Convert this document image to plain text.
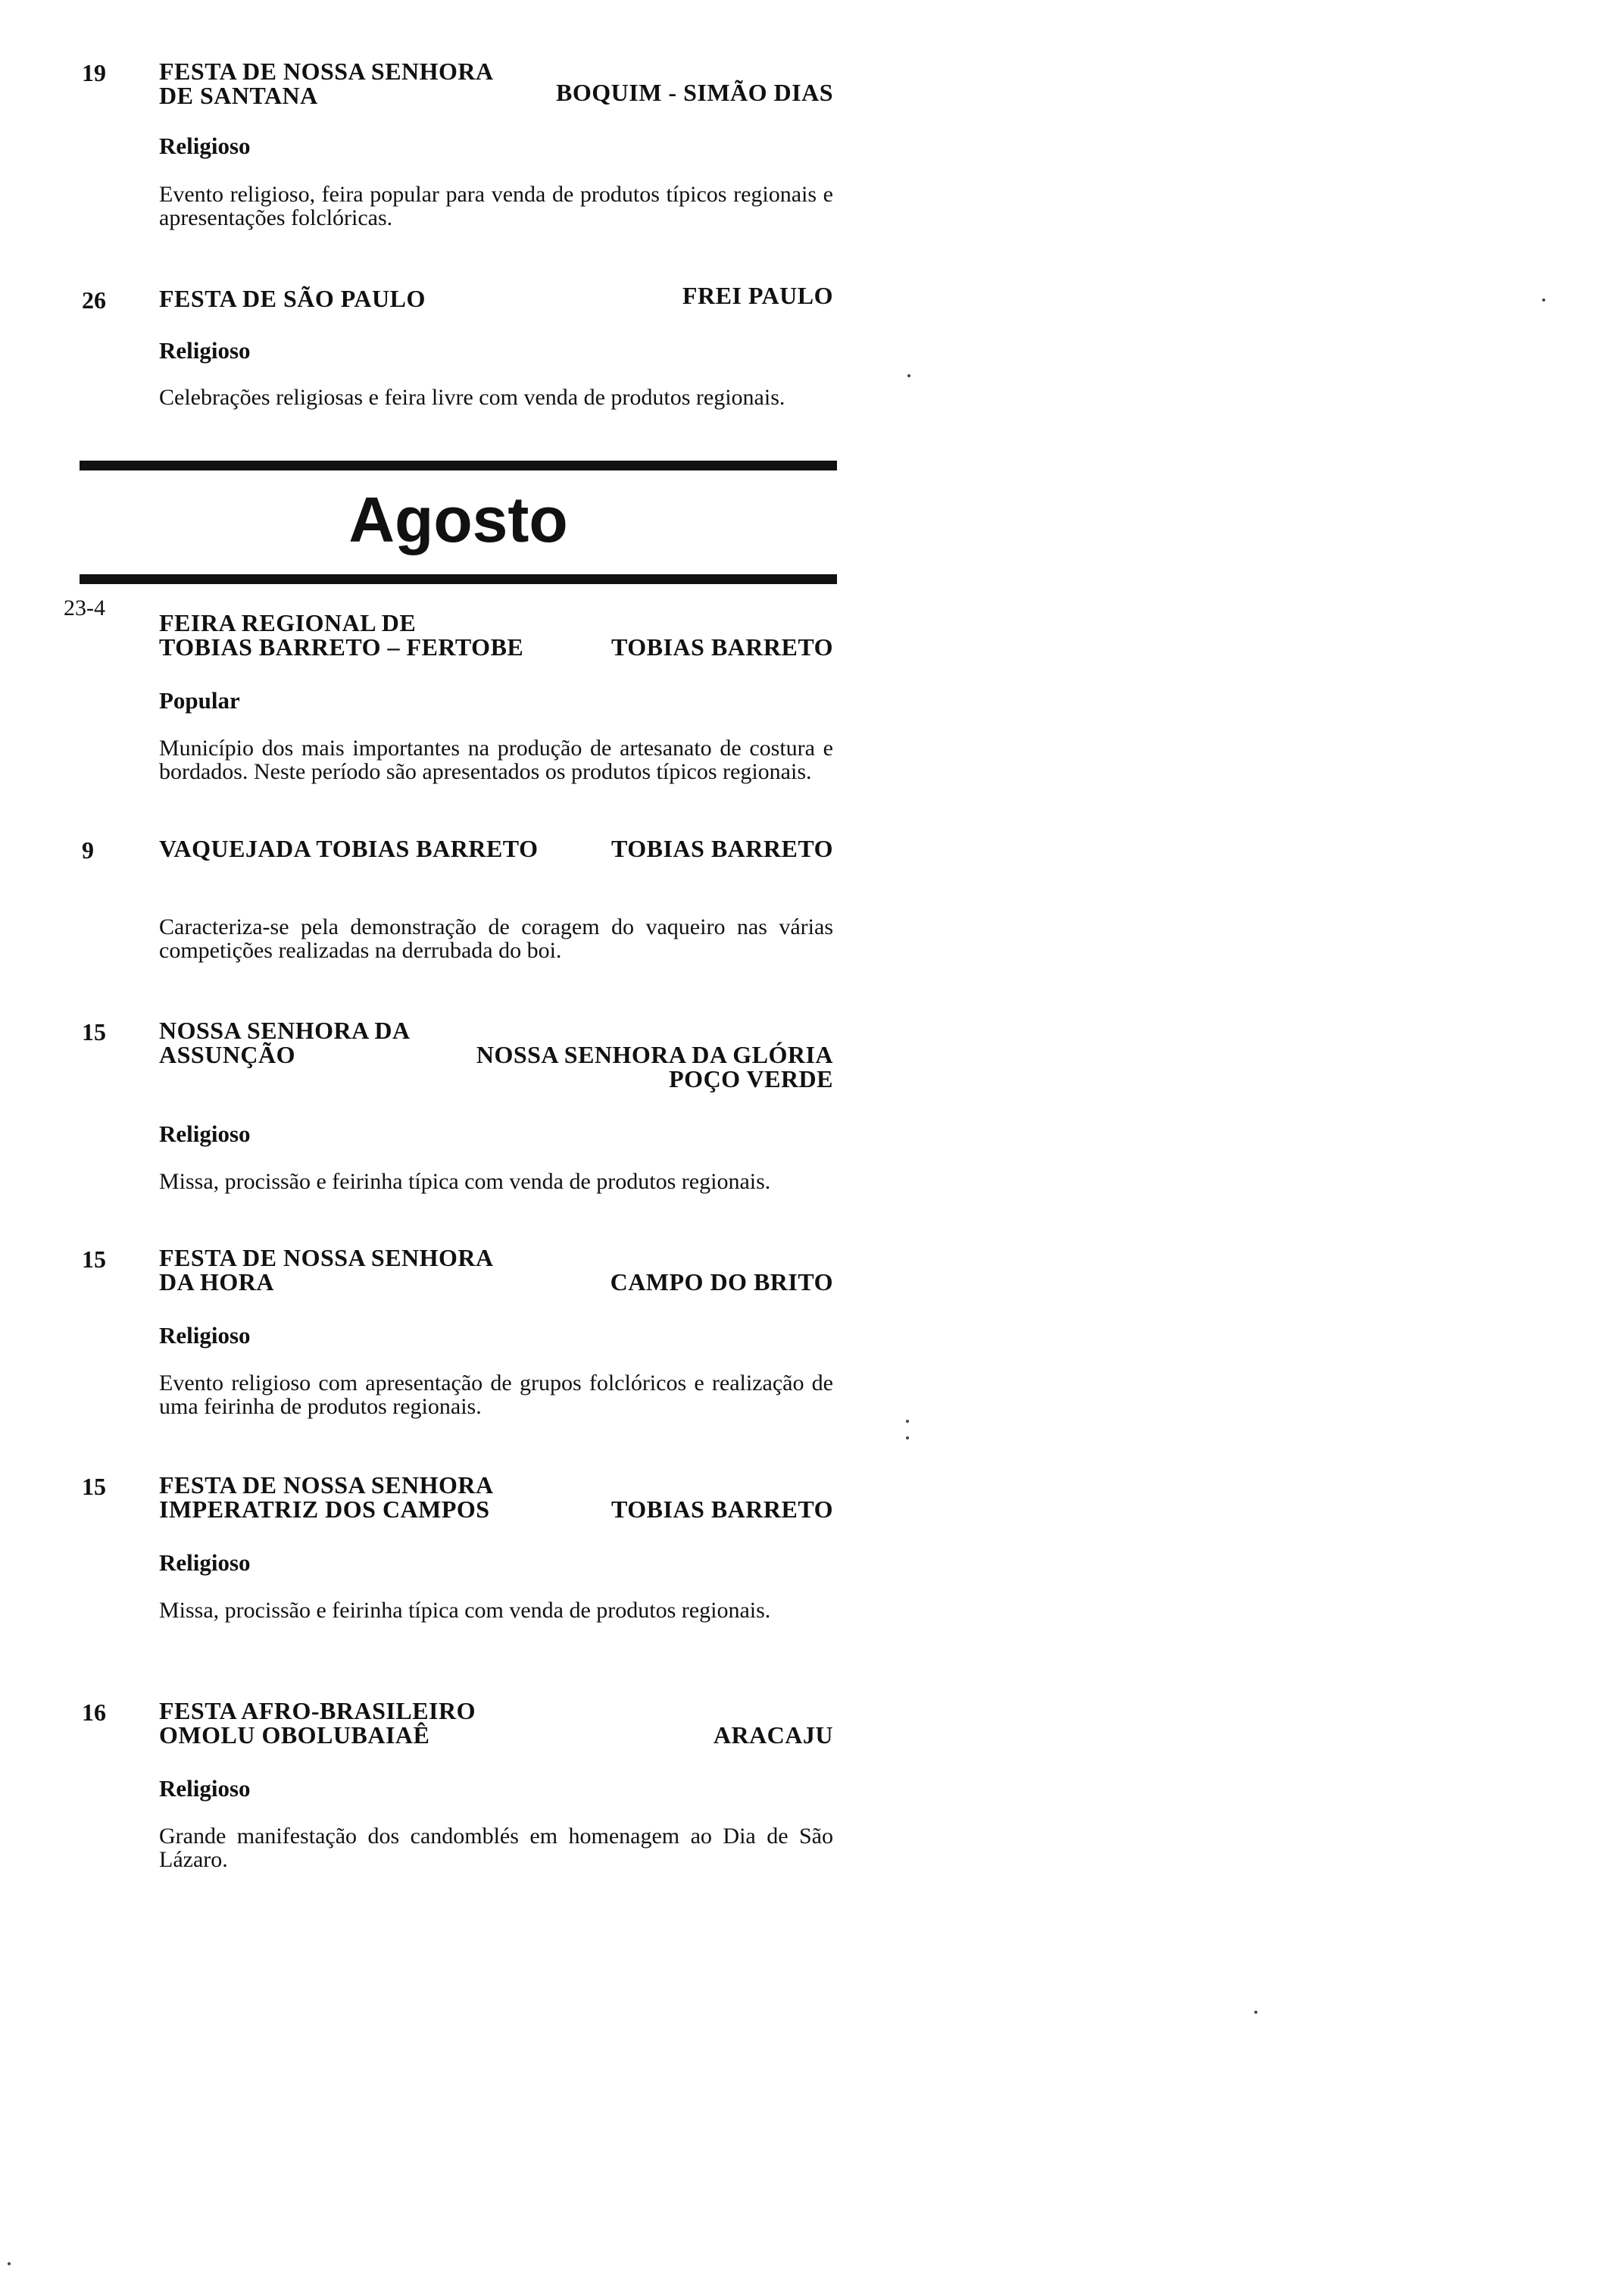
19 FESTA DE NOSSA SENHORA
DE SANTANA	BOQUIM - SIMÃO DIAS
Religioso
Evento religioso, feira popular para venda de produtos típicos regionais e apresentações folclóricas.
26 FESTA DE SÃO PAULO	FREI PAULO
Religioso
Celebrações religiosas e feira livre com venda de produtos regionais.
Agosto
23-4
FEIRA REGIONAL DE
TOBIAS BARRETO – FERTOBE	TOBIAS BARRETO
Popular
Município dos mais importantes na produção de artesanato de costura e bordados. Neste período são apresentados os produtos típicos regionais.
9	VAQUEJADA TOBIAS BARRETO	TOBIAS BARRETO
Caracteriza-se pela demonstração de coragem do vaqueiro nas várias competições realizadas na derrubada do boi.
15 NOSSA SENHORA DA
ASSUNÇÃO	NOSSA SENHORA DA GLÓRIA
POÇO VERDE
Religioso
Missa, procissão e feirinha típica com venda de produtos regionais.
15 FESTA DE NOSSA SENHORA
DA HORA	CAMPO DO BRITO
Religioso
Evento religioso com apresentação de grupos folclóricos e realização de uma feirinha de produtos regionais.
15 FESTA DE NOSSA SENHORA
IMPERATRIZ DOS CAMPOS	TOBIAS BARRETO
Religioso
Missa, procissão e feirinha típica com venda de produtos regionais.
16 FESTA AFRO-BRASILEIRO
OMOLU OBOLUBAIAÊ	ARACAJU
Religioso
Grande manifestação dos candomblés em homenagem ao Dia de São Lázaro.
